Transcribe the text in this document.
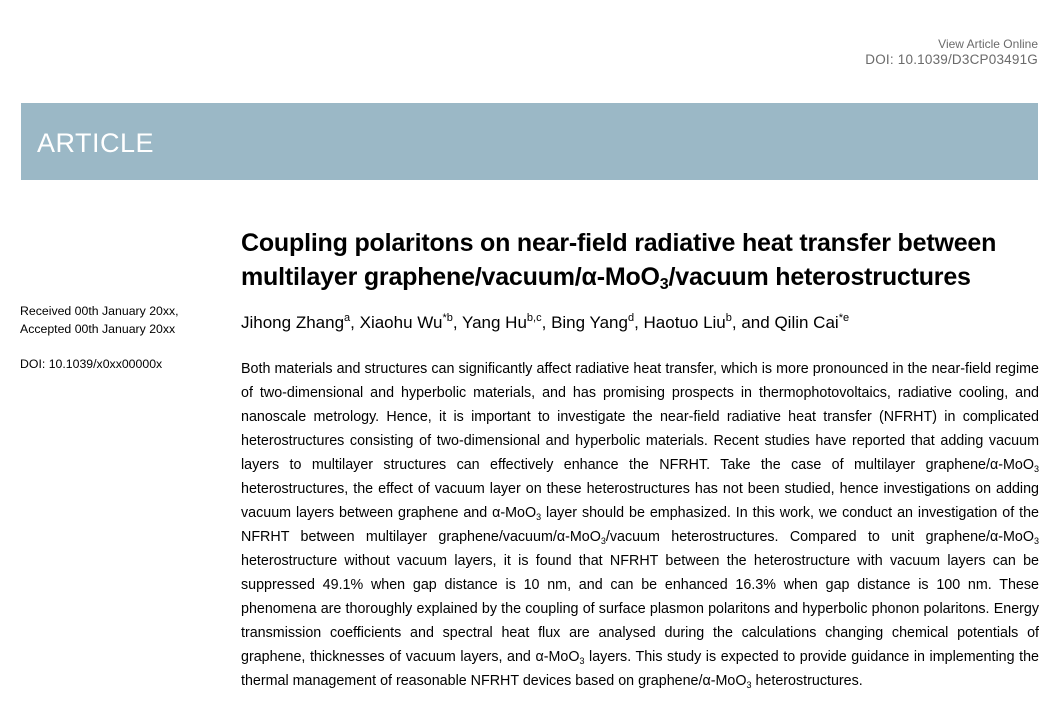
View Article Online
DOI: 10.1039/D3CP03491G
ARTICLE
Coupling polaritons on near-field radiative heat transfer between multilayer graphene/vacuum/α-MoO$_3$/vacuum heterostructures
Jihong Zhang$^a$, Xiaohu Wu$^{*b}$, Yang Hu$^{b,c}$, Bing Yang$^d$, Haotuo Liu$^b$, and Qilin Cai$^{*e}$
Received 00th January 20xx,
Accepted 00th January 20xx
DOI: 10.1039/x0xx00000x	Both materials and structures can significantly affect radiative heat transfer, which is more pronounced in the near-field regime of two-dimensional and hyperbolic materials, and has promising prospects in thermophotovoltaics, radiative cooling, and nanoscale metrology. Hence, it is important to investigate the near-field radiative heat transfer (NFRHT) in complicated heterostructures consisting of two-dimensional and hyperbolic materials. Recent studies have reported that adding vacuum layers to multilayer structures can effectively enhance the NFRHT. Take the case of multilayer graphene/α-MoO$_3$ heterostructures, the effect of vacuum layer on these heterostructures has not been studied, hence investigations on adding vacuum layers between graphene and α-MoO$_3$ layer should be emphasized. In this work, we conduct an investigation of the NFRHT between multilayer graphene/vacuum/α-MoO$_3$/vacuum heterostructures. Compared to unit graphene/α-MoO$_3$ heterostructure without vacuum layers, it is found that NFRHT between the heterostructure with vacuum layers can be suppressed 49.1% when gap distance is 10 nm, and can be enhanced 16.3% when gap distance is 100 nm. These phenomena are thoroughly explained by the coupling of surface plasmon polaritons and hyperbolic phonon polaritons. Energy transmission coefficients and spectral heat flux are analysed during the calculations changing chemical potentials of graphene, thicknesses of vacuum layers, and α-MoO$_3$ layers. This study is expected to provide guidance in implementing the thermal management of reasonable NFRHT devices based on graphene/α-MoO$_3$ heterostructures.
